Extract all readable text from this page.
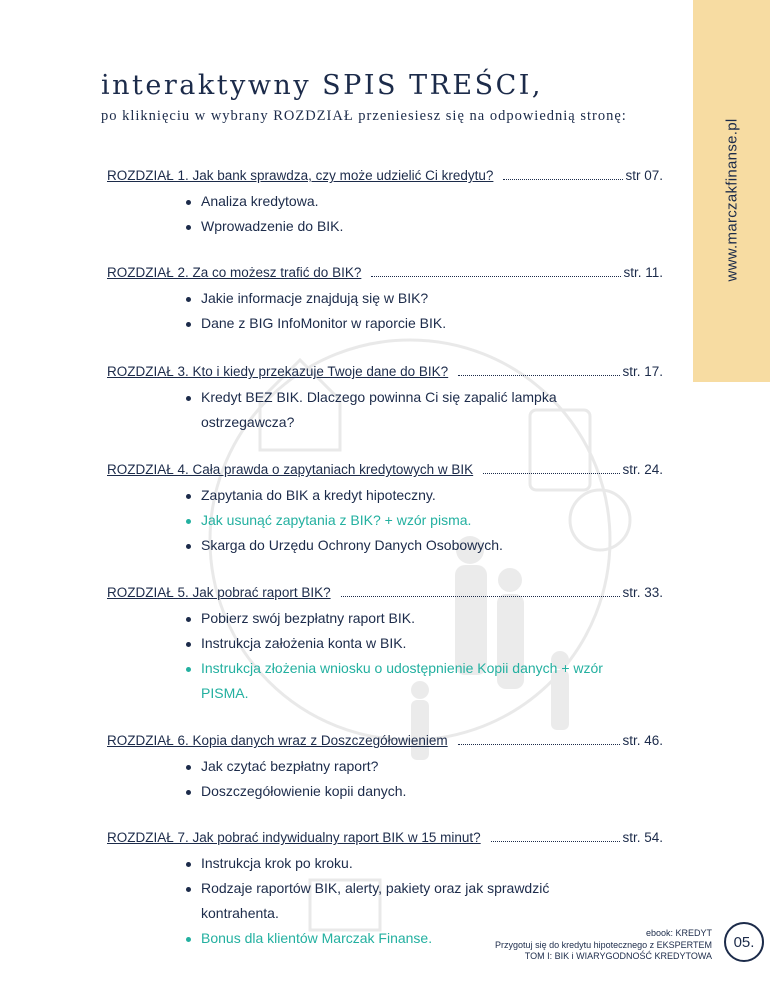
www.marczakfinanse.pl
interaktywny SPIS TREŚCI,
po kliknięciu w wybrany ROZDZIAŁ przeniesiesz się na odpowiednią stronę:
ROZDZIAŁ 1. Jak bank sprawdza, czy może udzielić Ci kredytu?	str 07.
Analiza kredytowa.
Wprowadzenie do BIK.
ROZDZIAŁ 2. Za co możesz trafić do BIK?	str. 11.
Jakie informacje znajdują się w BIK?
Dane z BIG InfoMonitor w raporcie BIK.
ROZDZIAŁ 3. Kto i kiedy przekazuje Twoje dane do BIK?	str. 17.
Kredyt BEZ BIK. Dlaczego powinna Ci się zapalić lampka ostrzegawcza?
ROZDZIAŁ 4. Cała prawda o zapytaniach kredytowych w BIK	str. 24.
Zapytania do BIK a kredyt hipoteczny.
Jak usunąć zapytania z BIK? + wzór pisma.
Skarga do Urzędu Ochrony Danych Osobowych.
ROZDZIAŁ 5. Jak pobrać raport BIK?	str. 33.
Pobierz swój bezpłatny raport BIK.
Instrukcja założenia konta w BIK.
Instrukcja złożenia wniosku o udostępnienie Kopii danych + wzór PISMA.
ROZDZIAŁ 6. Kopia danych wraz z Doszczegółowieniem	str. 46.
Jak czytać bezpłatny raport?
Doszczegółowienie kopii danych.
ROZDZIAŁ 7. Jak pobrać indywidualny raport BIK w 15 minut?	str. 54.
Instrukcja krok po kroku.
Rodzaje raportów BIK, alerty, pakiety oraz jak sprawdzić kontrahenta.
Bonus dla klientów Marczak Finanse.	ebook: KREDYT
Przygotuj się do kredytu hipotecznego z EKSPERTEM
TOM I: BIK i WIARYGODNOŚĆ KREDYTOWA
05.
